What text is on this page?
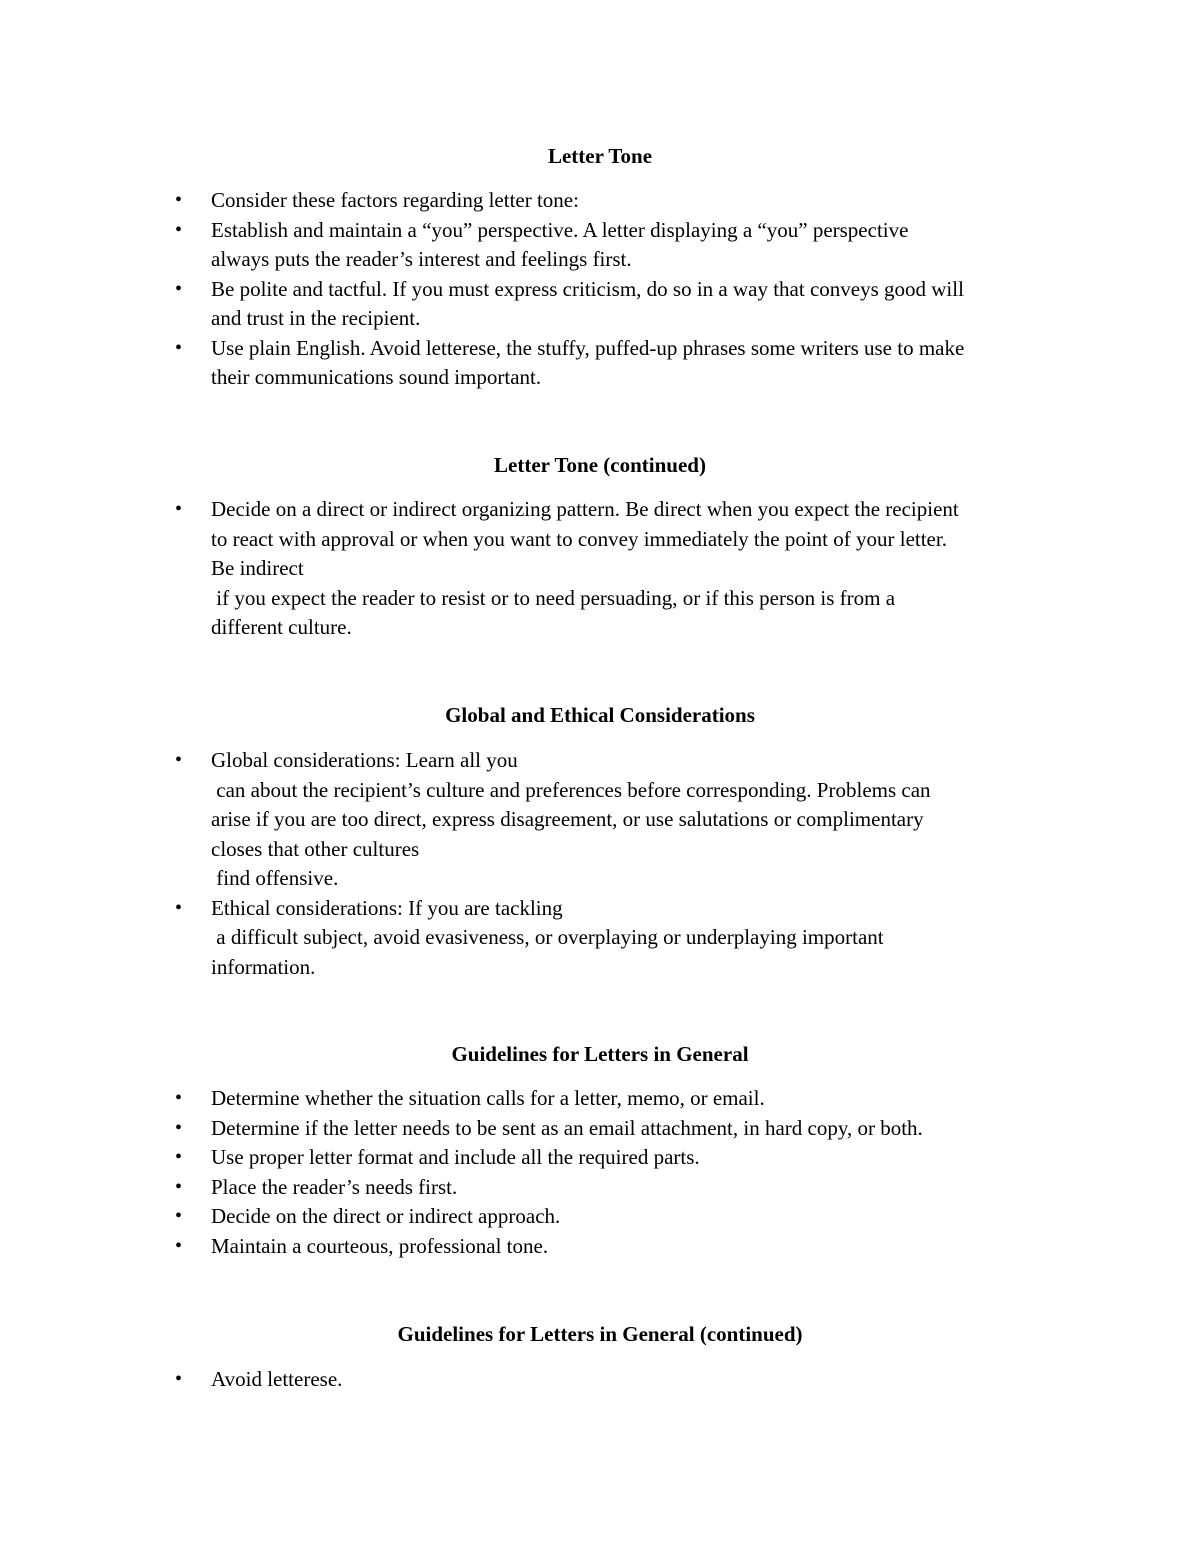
Letter Tone
• Consider these factors regarding letter tone:
• Establish and maintain a “you” perspective. A letter displaying a “you” perspective
always puts the reader’s interest and feelings first.
• Be polite and tactful. If you must express criticism, do so in a way that conveys good will
and trust in the recipient.
• Use plain English. Avoid letterese, the stuffy, puffed-up phrases some writers use to make
their communications sound important.
Letter Tone (continued)
• Decide on a direct or indirect organizing pattern. Be direct when you expect the recipient
to react with approval or when you want to convey immediately the point of your letter.
Be indirect
if you expect the reader to resist or to need persuading, or if this person is from a
different culture.
Global and Ethical Considerations
• Global considerations: Learn all you
can about the recipient’s culture and preferences before corresponding. Problems can
arise if you are too direct, express disagreement, or use salutations or complimentary
closes that other cultures
find offensive.
• Ethical considerations: If you are tackling
a difficult subject, avoid evasiveness, or overplaying or underplaying important
information.
Guidelines for Letters in General
• Determine whether the situation calls for a letter, memo, or email.
• Determine if the letter needs to be sent as an email attachment, in hard copy, or both.
• Use proper letter format and include all the required parts.
• Place the reader’s needs first.
• Decide on the direct or indirect approach.
• Maintain a courteous, professional tone.
Guidelines for Letters in General (continued)
• Avoid letterese.
